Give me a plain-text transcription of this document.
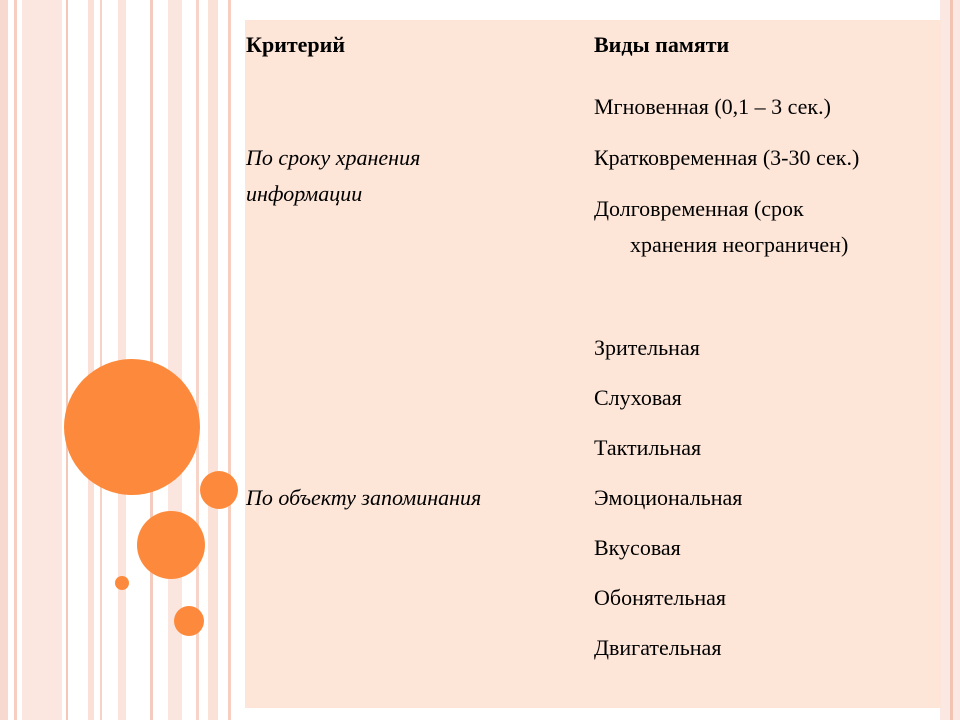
Критерий	Виды памяти
По сроку хранения
информации
Мгновенная (0,1 – 3 сек.)
Кратковременная (3-30 сек.)
Долговременная (срок
хранения неограничен)
По объекту запоминания
Зрительная
Слуховая
Тактильная
Эмоциональная
Вкусовая
Обонятельная
Двигательная
